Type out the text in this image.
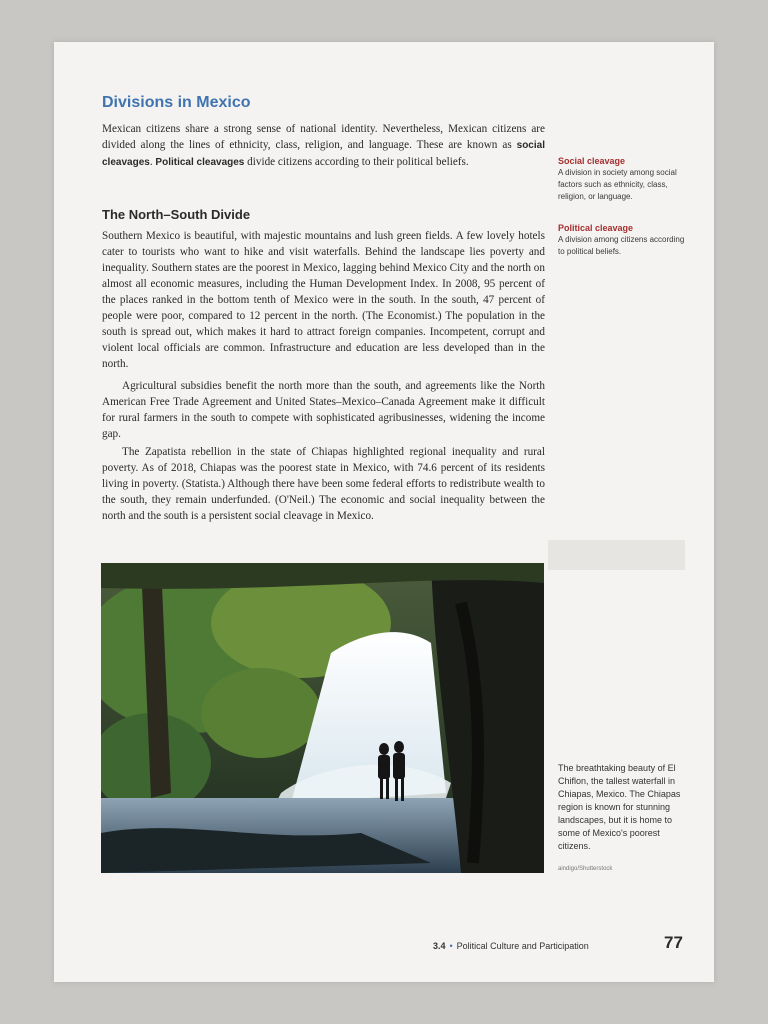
Divisions in Mexico

Mexican citizens share a strong sense of national identity. Nevertheless, Mexican citizens are divided along the lines of ethnicity, class, religion, and language. These are known as social cleavages. Political cleavages divide citizens according to their political beliefs.

The North–South Divide

Southern Mexico is beautiful, with majestic mountains and lush green fields. A few lovely hotels cater to tourists who want to hike and visit waterfalls. Behind the landscape lies poverty and inequality. Southern states are the poorest in Mexico, lagging behind Mexico City and the north on almost all economic measures, including the Human Development Index. In 2008, 95 percent of the places ranked in the bottom tenth of Mexico were in the south. In the south, 47 percent of people were poor, compared to 12 percent in the north. (The Economist.) The population in the south is spread out, which makes it hard to attract foreign companies. Incompetent, corrupt and violent local officials are common. Infrastructure and education are less developed than in the north.

Agricultural subsidies benefit the north more than the south, and agreements like the North American Free Trade Agreement and United States–Mexico–Canada Agreement make it difficult for rural farmers in the south to compete with sophisticated agribusinesses, widening the income gap.

The Zapatista rebellion in the state of Chiapas highlighted regional inequality and rural poverty. As of 2018, Chiapas was the poorest state in Mexico, with 74.6 percent of its residents living in poverty. (Statista.) Although there have been some federal efforts to redistribute wealth to the south, they remain underfunded. (O'Neil.) The economic and social inequality between the north and the south is a persistent social cleavage in Mexico.

Social cleavage
A division in society among social factors such as ethnicity, class, religion, or language.
Political cleavage
A division among citizens according to political beliefs.
The breathtaking beauty of El Chiflon, the tallest waterfall in Chiapas, Mexico. The Chiapas region is known for stunning landscapes, but it is home to some of Mexico's poorest citizens.
aindigo/Shutterstock
3.4 • Political Culture and Participation	77
